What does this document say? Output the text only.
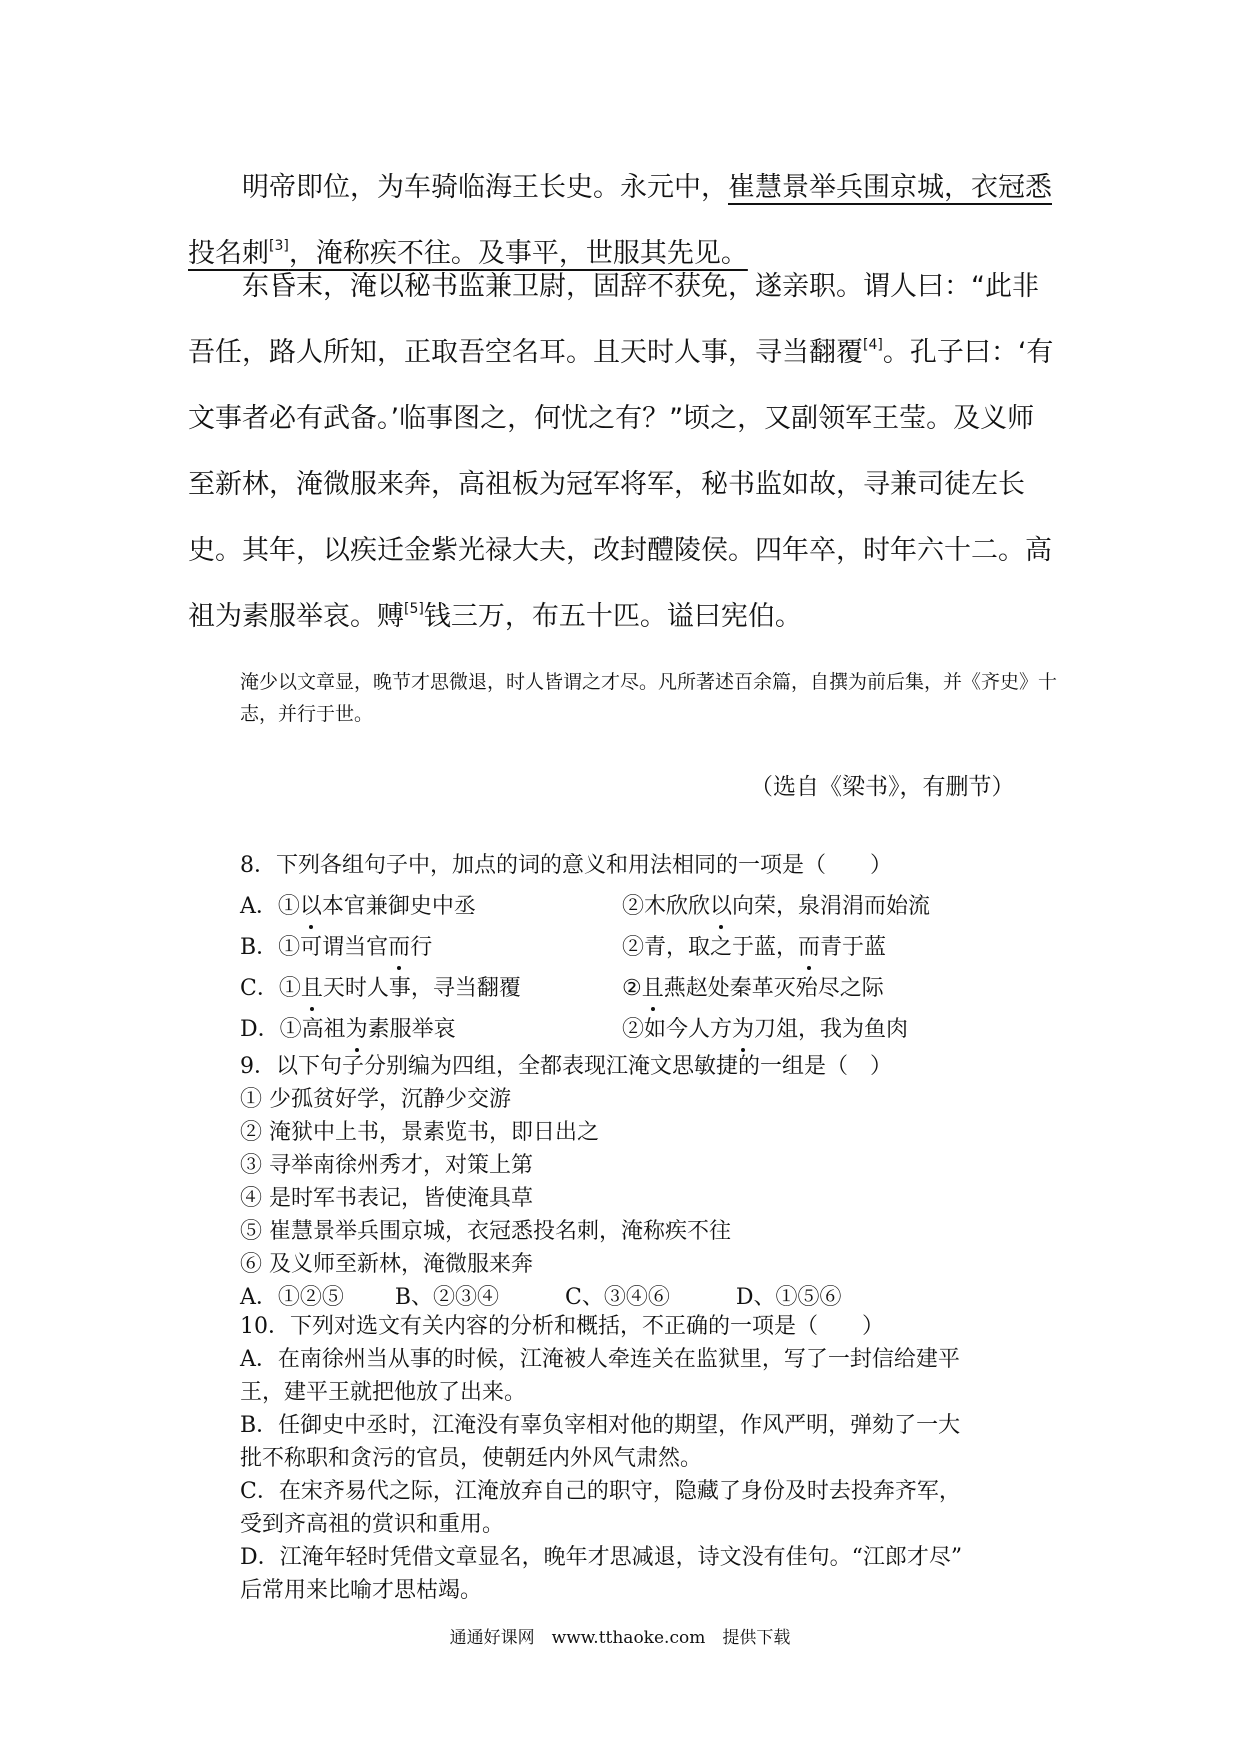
明帝即位，为车骑临海王长史。永元中，崔慧景举兵围京城，衣冠悉投名刺[3]，淹称疾不往。及事平，世服其先见。

东昏末，淹以秘书监兼卫尉，固辞不获免，遂亲职。谓人曰：“此非吾任，路人所知，正取吾空名耳。且天时人事，寻当翻覆[4]。孔子曰：‘有文事者必有武备。’临事图之，何忧之有？”顷之，又副领军王莹。及义师至新林，淹微服来奔，高祖板为冠军将军，秘书监如故，寻兼司徒左长史。其年，以疾迁金紫光禄大夫，改封醴陵侯。四年卒，时年六十二。高祖为素服举哀。赙[5]钱三万，布五十匹。谥曰宪伯。

淹少以文章显，晚节才思微退，时人皆谓之才尽。凡所著述百余篇，自撰为前后集，并《齐史》十志，并行于世。

（选自《梁书》，有删节）
8．下列各组句子中，加点的词的意义和用法相同的一项是（　　）
A．①以本官兼御史中丞	②木欣欣以向荣，泉涓涓而始流
B．①可谓当官而行	②青，取之于蓝，而青于蓝
C．①且天时人事，寻当翻覆	②且燕赵处秦革灭殆尽之际
D．①高祖为素服举哀	②如今人方为刀俎，我为鱼肉
9．以下句子分别编为四组，全都表现江淹文思敏捷的一组是（　）
① 少孤贫好学，沉静少交游
② 淹狱中上书，景素览书，即日出之
③ 寻举南徐州秀才，对策上第
④ 是时军书表记，皆使淹具草
⑤ 崔慧景举兵围京城，衣冠悉投名刺，淹称疾不往
⑥ 及义师至新林，淹微服来奔
A．①②⑤　　 B、②③④　　　C、③④⑥　　　D、①⑤⑥
10．下列对选文有关内容的分析和概括，不正确的一项是（　　）
A．在南徐州当从事的时候，江淹被人牵连关在监狱里，写了一封信给建平
王，建平王就把他放了出来。
B．任御史中丞时，江淹没有辜负宰相对他的期望，作风严明，弹劾了一大
批不称职和贪污的官员，使朝廷内外风气肃然。
C．在宋齐易代之际，江淹放弃自己的职守，隐藏了身份及时去投奔齐军，
受到齐高祖的赏识和重用。
D．江淹年轻时凭借文章显名，晚年才思减退，诗文没有佳句。“江郎才尽”
后常用来比喻才思枯竭。
通通好课网　www.tthaoke.com　提供下载
